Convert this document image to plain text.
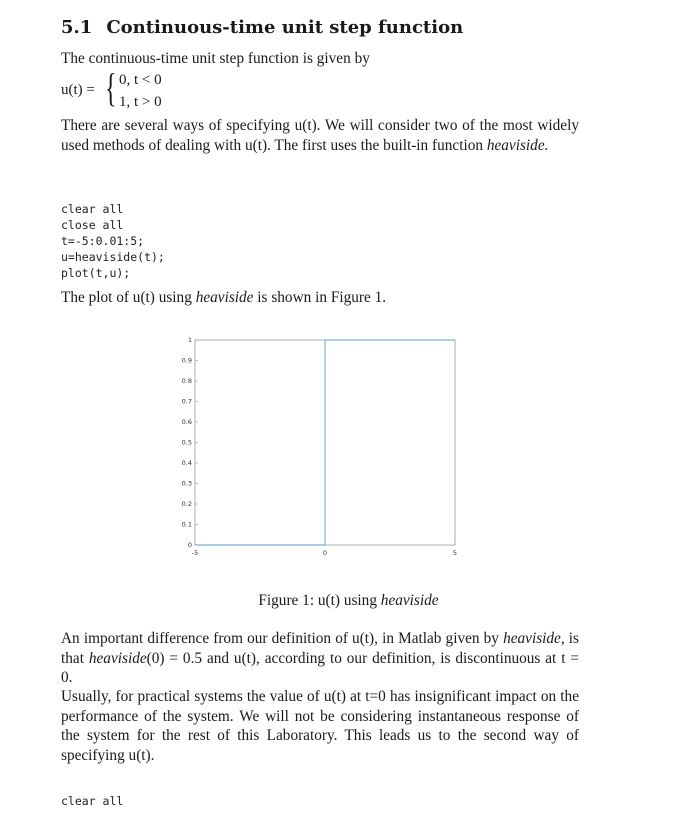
5.1 Continuous-time unit step function

The continuous-time unit step function is given by

u(t) = { 0, t < 0
1, t > 0

There are several ways of specifying u(t). We will consider two of the most widely used methods of dealing with u(t). The first uses the built-in function heaviside.

clear all
close all
t=-5:0.01:5;
u=heaviside(t);
plot(t,u);

The plot of u(t) using heaviside is shown in Figure 1.

0
0.1
0.2
0.3
0.4
0.5
0.6
0.7
0.8
0.9
1
-5	0	5
Figure 1: u(t) using heaviside

An important difference from our definition of u(t), in Matlab given by heaviside, is that heaviside(0) = 0.5 and u(t), according to our definition, is discontinuous at t = 0.

Usually, for practical systems the value of u(t) at t=0 has insignificant impact on the performance of the system. We will not be considering instantaneous response of the system for the rest of this Laboratory. This leads us to the second way of specifying u(t).

clear all
